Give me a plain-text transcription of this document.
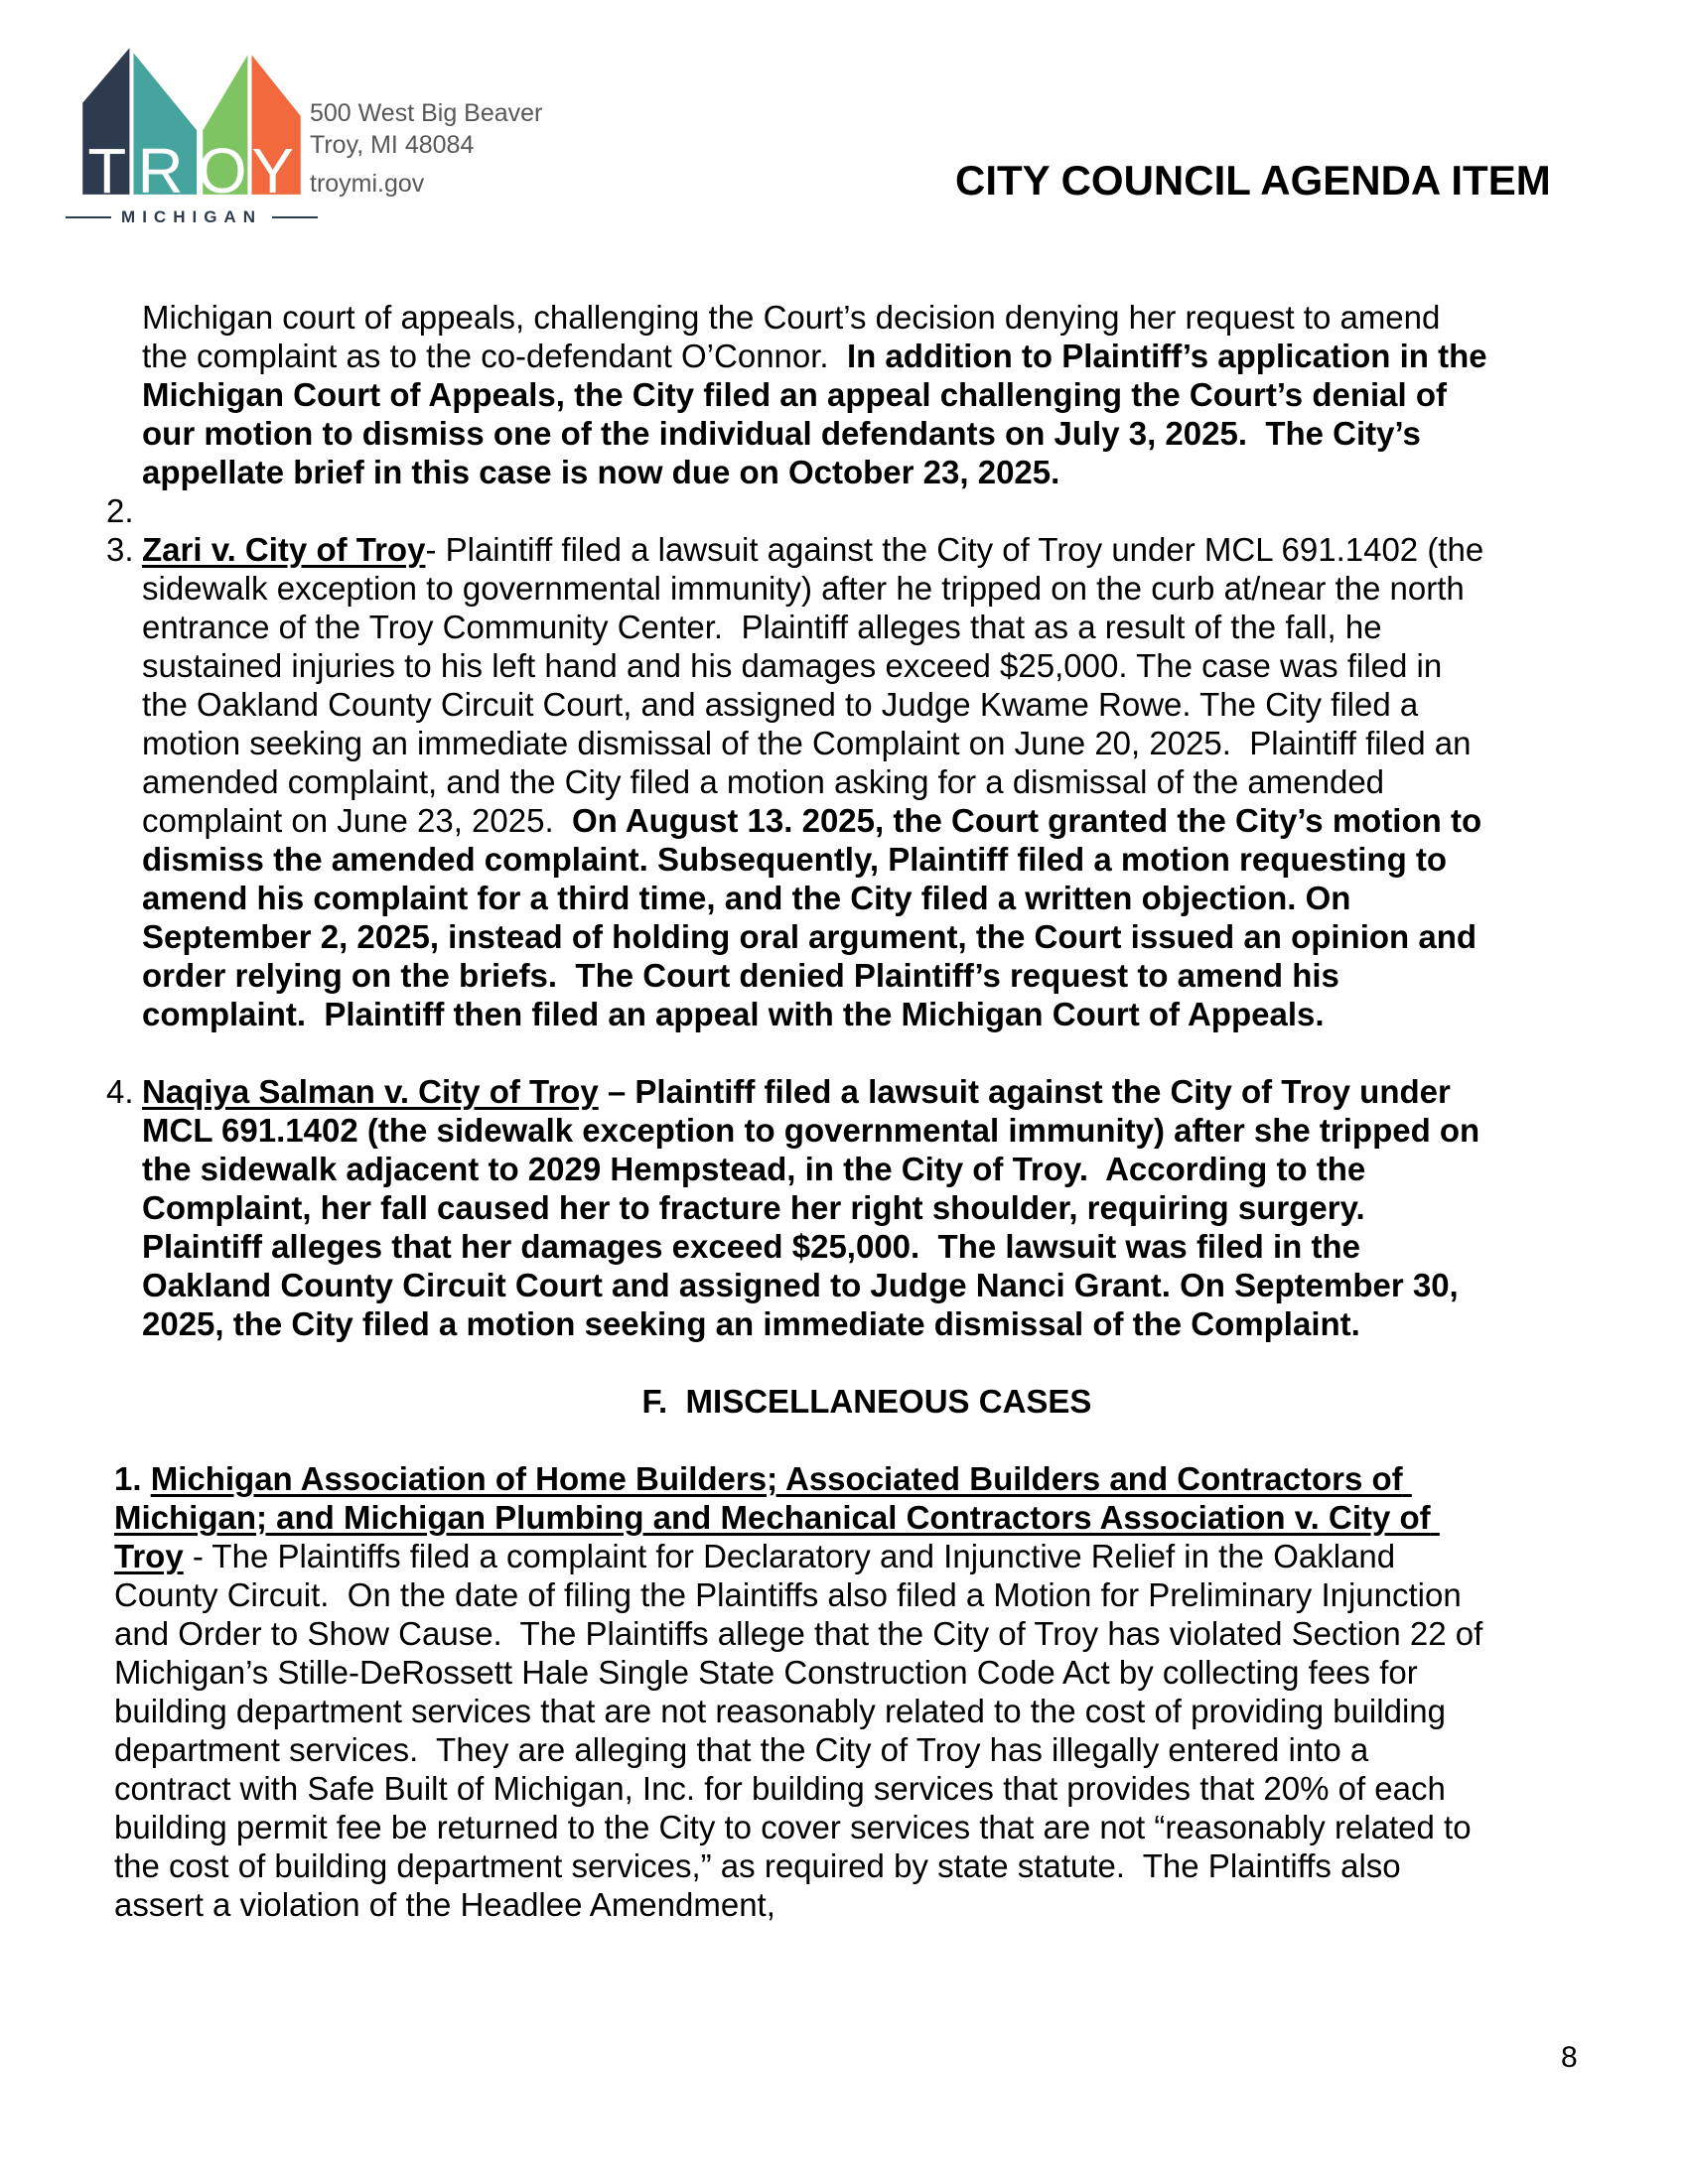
T R O Y
MICHIGAN
500 West Big Beaver
Troy, MI 48084
troymi.gov	CITY COUNCIL AGENDA ITEM
Michigan court of appeals, challenging the Court’s decision denying her request to amend the complaint as to the co-defendant O’Connor.  In addition to Plaintiff’s application in the Michigan Court of Appeals, the City filed an appeal challenging the Court’s denial of our motion to dismiss one of the individual defendants on July 3, 2025.  The City’s appellate brief in this case is now due on October 23, 2025.
2.
3. Zari v. City of Troy- Plaintiff filed a lawsuit against the City of Troy under MCL 691.1402 (the sidewalk exception to governmental immunity) after he tripped on the curb at/near the north entrance of the Troy Community Center.  Plaintiff alleges that as a result of the fall, he sustained injuries to his left hand and his damages exceed $25,000. The case was filed in the Oakland County Circuit Court, and assigned to Judge Kwame Rowe. The City filed a motion seeking an immediate dismissal of the Complaint on June 20, 2025.  Plaintiff filed an amended complaint, and the City filed a motion asking for a dismissal of the amended complaint on June 23, 2025.  On August 13. 2025, the Court granted the City’s motion to dismiss the amended complaint. Subsequently, Plaintiff filed a motion requesting to amend his complaint for a third time, and the City filed a written objection. On September 2, 2025, instead of holding oral argument, the Court issued an opinion and order relying on the briefs.  The Court denied Plaintiff’s request to amend his complaint.  Plaintiff then filed an appeal with the Michigan Court of Appeals.
4. Naqiya Salman v. City of Troy – Plaintiff filed a lawsuit against the City of Troy under MCL 691.1402 (the sidewalk exception to governmental immunity) after she tripped on the sidewalk adjacent to 2029 Hempstead, in the City of Troy.  According to the Complaint, her fall caused her to fracture her right shoulder, requiring surgery. Plaintiff alleges that her damages exceed $25,000.  The lawsuit was filed in the Oakland County Circuit Court and assigned to Judge Nanci Grant. On September 30, 2025, the City filed a motion seeking an immediate dismissal of the Complaint.
F.  MISCELLANEOUS CASES
1. Michigan Association of Home Builders; Associated Builders and Contractors of Michigan; and Michigan Plumbing and Mechanical Contractors Association v. City of Troy - The Plaintiffs filed a complaint for Declaratory and Injunctive Relief in the Oakland County Circuit.  On the date of filing the Plaintiffs also filed a Motion for Preliminary Injunction and Order to Show Cause.  The Plaintiffs allege that the City of Troy has violated Section 22 of Michigan’s Stille-DeRossett Hale Single State Construction Code Act by collecting fees for building department services that are not reasonably related to the cost of providing building department services.  They are alleging that the City of Troy has illegally entered into a contract with Safe Built of Michigan, Inc. for building services that provides that 20% of each building permit fee be returned to the City to cover services that are not “reasonably related to the cost of building department services,” as required by state statute.  The Plaintiffs also assert a violation of the Headlee Amendment,
8
